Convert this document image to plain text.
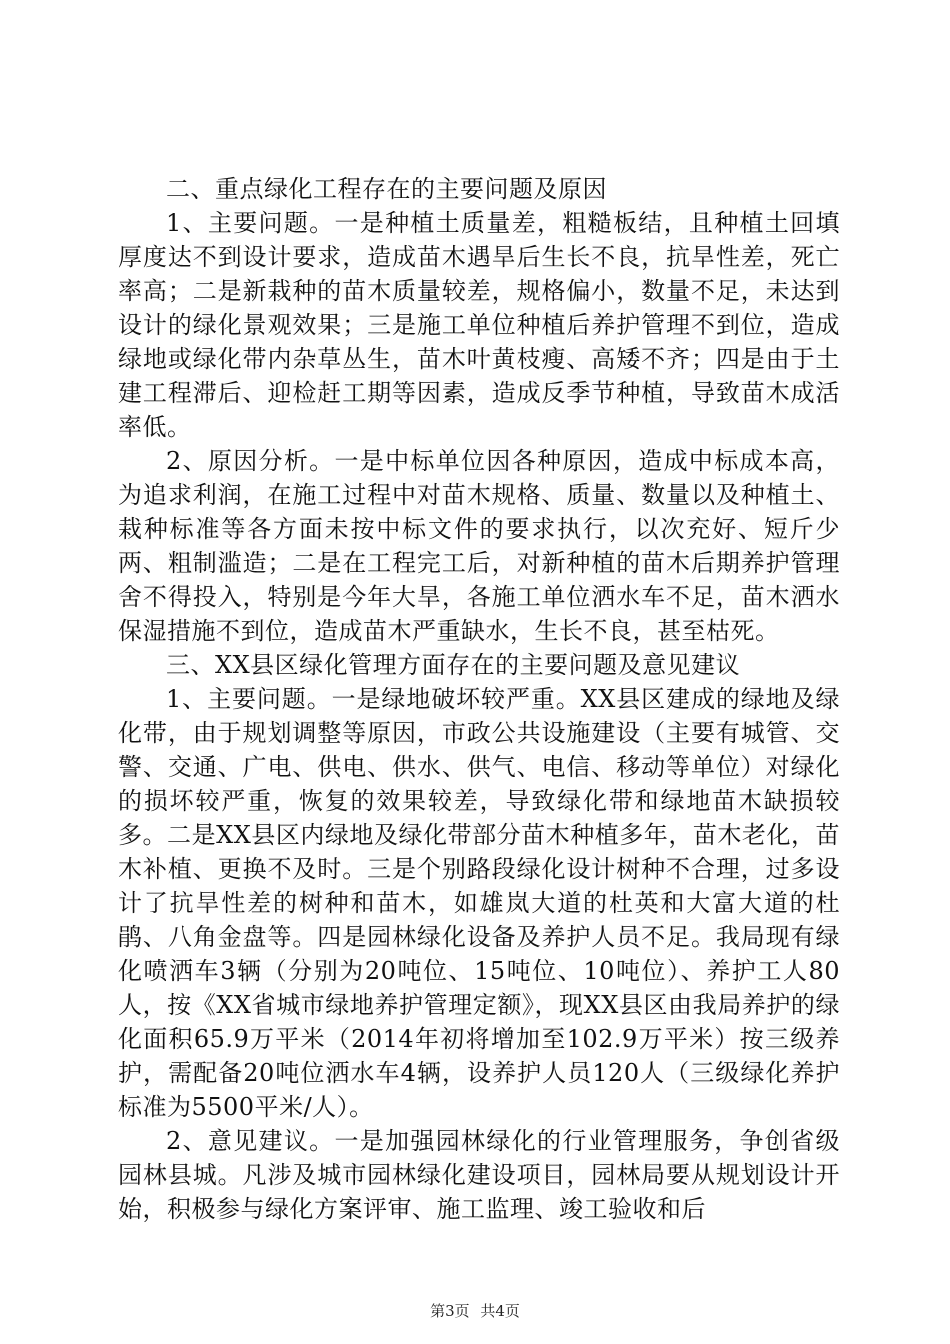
二、重点绿化工程存在的主要问题及原因

1、主要问题。一是种植土质量差，粗糙板结，且种植土回填厚度达不到设计要求，造成苗木遇旱后生长不良，抗旱性差，死亡率高；二是新栽种的苗木质量较差，规格偏小，数量不足，未达到设计的绿化景观效果；三是施工单位种植后养护管理不到位，造成绿地或绿化带内杂草丛生，苗木叶黄枝瘦、高矮不齐；四是由于土建工程滞后、迎检赶工期等因素，造成反季节种植，导致苗木成活率低。

2、原因分析。一是中标单位因各种原因，造成中标成本高，为追求利润，在施工过程中对苗木规格、质量、数量以及种植土、栽种标准等各方面未按中标文件的要求执行，以次充好、短斤少两、粗制滥造；二是在工程完工后，对新种植的苗木后期养护管理舍不得投入，特别是今年大旱，各施工单位洒水车不足，苗木洒水保湿措施不到位，造成苗木严重缺水，生长不良，甚至枯死。

三、XX县区绿化管理方面存在的主要问题及意见建议

1、主要问题。一是绿地破坏较严重。XX县区建成的绿地及绿化带，由于规划调整等原因，市政公共设施建设（主要有城管、交警、交通、广电、供电、供水、供气、电信、移动等单位）对绿化的损坏较严重，恢复的效果较差，导致绿化带和绿地苗木缺损较多。二是XX县区内绿地及绿化带部分苗木种植多年，苗木老化，苗木补植、更换不及时。三是个别路段绿化设计树种不合理，过多设计了抗旱性差的树种和苗木，如雄岚大道的杜英和大富大道的杜鹃、八角金盘等。四是园林绿化设备及养护人员不足。我局现有绿化喷洒车3辆（分别为20吨位、15吨位、10吨位）、养护工人80人，按《XX省城市绿地养护管理定额》，现XX县区由我局养护的绿化面积65.9万平米（2014年初将增加至102.9万平米）按三级养护，需配备20吨位洒水车4辆，设养护人员120人（三级绿化养护标准为5500平米/人）。

2、意见建议。一是加强园林绿化的行业管理服务，争创省级园林县城。凡涉及城市园林绿化建设项目，园林局要从规划设计开始，积极参与绿化方案评审、施工监理、竣工验收和后

第3页 共4页
